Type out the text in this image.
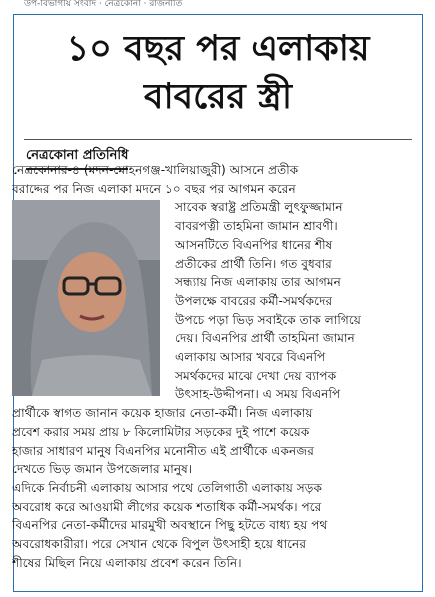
উপ-বিভাগীয় সংবাদ · নেত্রকোনা · রাজনীতি
১০ বছর পর এলাকায়
বাবরের স্ত্রী
নেত্রকোনা প্রতিনিধি
নেত্রকোনার-৪ (মদন-মোহনগঞ্জ-খালিয়াজুরী) আসনে প্রতীক
বরাদ্দের পর নিজ এলাকা মদনে ১০ বছর পর আগমন করেন
সাবেক স্বরাষ্ট্র প্রতিমন্ত্রী লুৎফুজ্জামান
বাবরপত্নী তাহমিনা জামান শ্রাবণী।
আসনটিতে বিএনপির ধানের শীষ
প্রতীকের প্রার্থী তিনি। গত বুধবার
সন্ধ্যায় নিজ এলাকায় তার আগমন
উপলক্ষে বাবরের কর্মী-সমর্থকদের
উপচে পড়া ভিড় সবাইকে তাক লাগিয়ে
দেয়। বিএনপির প্রার্থী তাহমিনা জামান
এলাকায় আসার খবরে বিএনপি
সমর্থকদের মাঝে দেখা দেয় ব্যাপক
উৎসাহ-উদ্দীপনা। এ সময় বিএনপি
প্রার্থীকে স্বাগত জানান কয়েক হাজার নেতা-কর্মী। নিজ এলাকায়
প্রবেশ করার সময় প্রায় ৮ কিলোমিটার সড়কের দুই পাশে কয়েক
হাজার সাধারণ মানুষ বিএনপির মনোনীত এই প্রার্থীকে একনজর
দেখতে ভিড় জমান উপজেলার মানুষ।
এদিকে নির্বাচনী এলাকায় আসার পথে তেলিগাতী এলাকায় সড়ক
অবরোধ করে আওয়ামী লীগের কয়েক শতাধিক কর্মী-সমর্থক। পরে
বিএনপির নেতা-কর্মীদের মারমুখী অবস্থানে পিছু হটতে বাধ্য হয় পথ
অবরোধকারীরা। পরে সেখান থেকে বিপুল উৎসাহী হয়ে ধানের
শীষের মিছিল নিয়ে এলাকায় প্রবেশ করেন তিনি।
